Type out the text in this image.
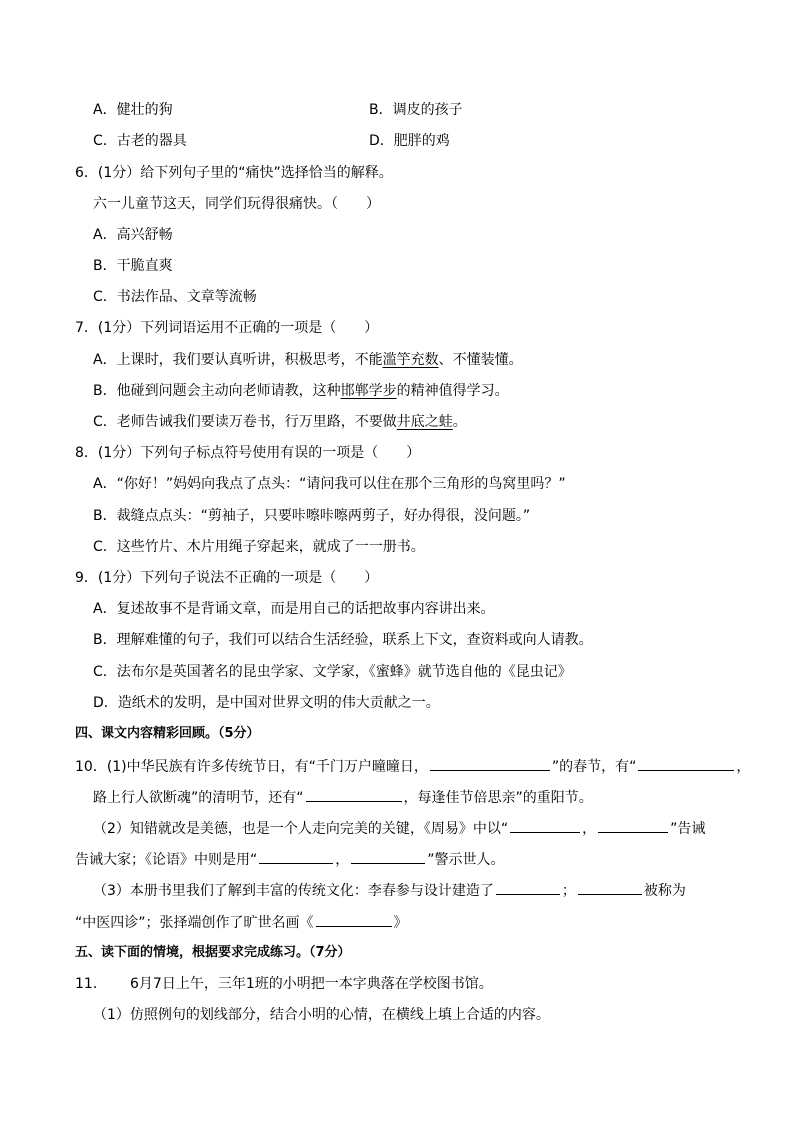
A．健壮的狗	B．调皮的孩子
C．古老的器具	D．肥胖的鸡
6．(1分）给下列句子里的“痛快”选择恰当的解释。
六一儿童节这天，同学们玩得很痛快。（　　）
A．高兴舒畅
B．干脆直爽
C．书法作品、文章等流畅
7．(1分）下列词语运用不正确的一项是（　　）
A．上课时，我们要认真听讲，积极思考，不能滥竽充数、不懂装懂。
B．他碰到问题会主动向老师请教，这种邯郸学步的精神值得学习。
C．老师告诫我们要读万卷书，行万里路，不要做井底之蛙。
8．(1分）下列句子标点符号使用有误的一项是（　　）
A．“你好！”妈妈向我点了点头：“请问我可以住在那个三角形的鸟窝里吗？”
B．裁缝点点头：“剪袖子，只要咔嚓咔嚓两剪子，好办得很，没问题。”
C．这些竹片、木片用绳子穿起来，就成了一一册书。
9．(1分）下列句子说法不正确的一项是（　　）
A．复述故事不是背诵文章，而是用自己的话把故事内容讲出来。
B．理解难懂的句子，我们可以结合生活经验，联系上下文，查资料或向人请教。
C．法布尔是英国著名的昆虫学家、文学家，《蜜蜂》就节选自他的《昆虫记》
D．造纸术的发明，是中国对世界文明的伟大贡献之一。
四、课文内容精彩回顾。（5分）
10．(1)中华民族有许多传统节日，有“千门万户曈曈日，	”的春节，有“	，
路上行人欲断魂”的清明节，还有“	，每逢佳节倍思亲”的重阳节。
（2）知错就改是美德，也是一个人走向完美的关键，《周易》中以“	，	”告诫
告诫大家；《论语》中则是用“	，	”警示世人。
（3）本册书里我们了解到丰富的传统文化：李春参与设计建造了	；	被称为
“中医四诊”；张择端创作了旷世名画《	》
五、读下面的情境，根据要求完成练习。（7分）
11． 6月7日上午，三年1班的小明把一本字典落在学校图书馆。
（1）仿照例句的划线部分，结合小明的心情，在横线上填上合适的内容。
